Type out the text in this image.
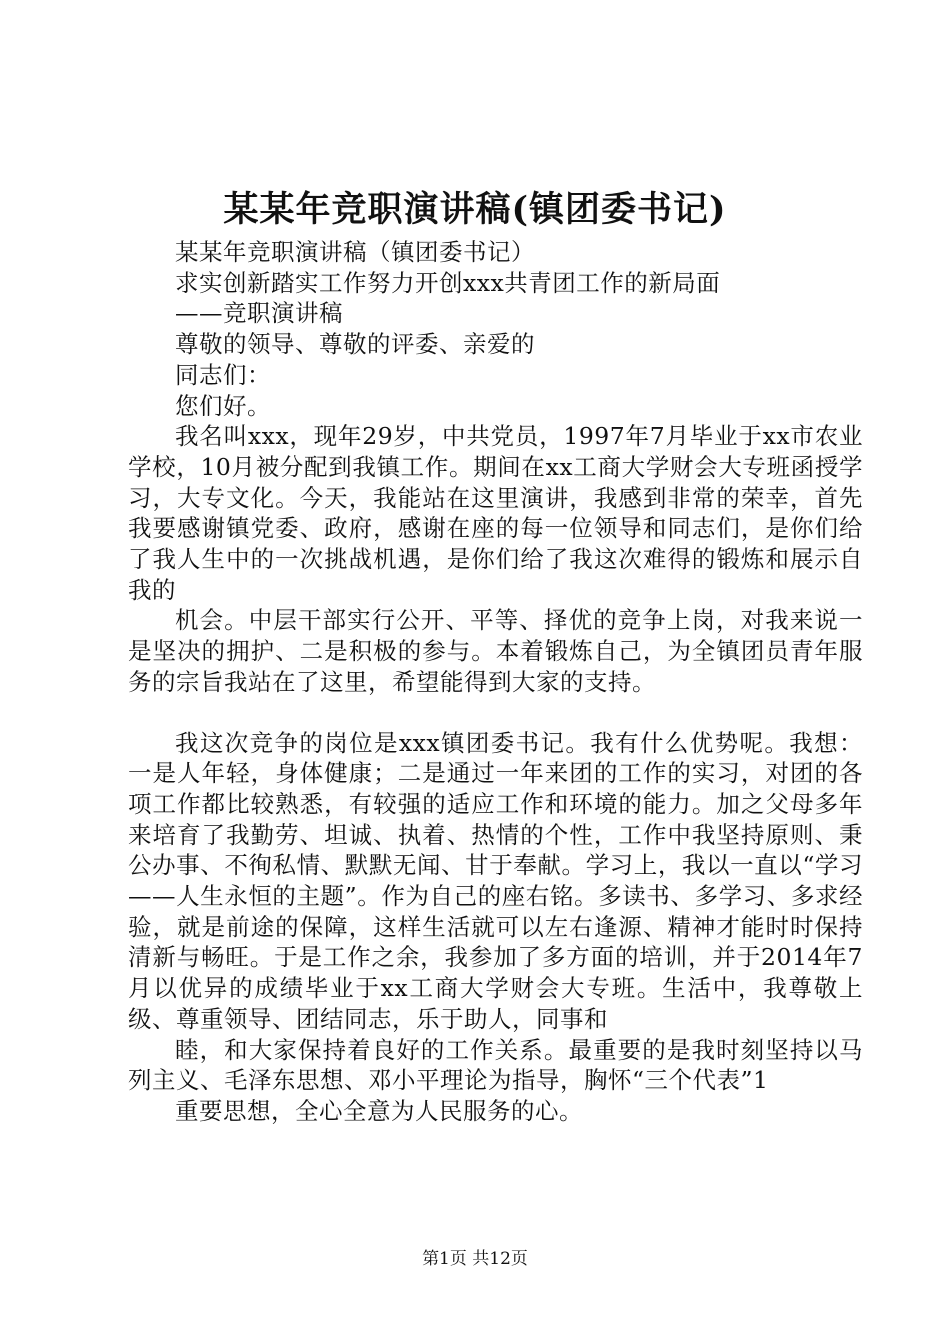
某某年竞职演讲稿(镇团委书记)

某某年竞职演讲稿（镇团委书记）

求实创新踏实工作努力开创xxx共青团工作的新局面

——竞职演讲稿

尊敬的领导、尊敬的评委、亲爱的

同志们：

您们好。

我名叫xxx，现年29岁，中共党员，1997年7月毕业于xx市农业学校，10月被分配到我镇工作。期间在xx工商大学财会大专班函授学习，大专文化。今天，我能站在这里演讲，我感到非常的荣幸，首先我要感谢镇党委、政府，感谢在座的每一位领导和同志们，是你们给了我人生中的一次挑战机遇，是你们给了我这次难得的锻炼和展示自我的

机会。中层干部实行公开、平等、择优的竞争上岗，对我来说一是坚决的拥护、二是积极的参与。本着锻炼自己，为全镇团员青年服务的宗旨我站在了这里，希望能得到大家的支持。

我这次竞争的岗位是xxx镇团委书记。我有什么优势呢。我想：一是人年轻，身体健康；二是通过一年来团的工作的实习，对团的各项工作都比较熟悉，有较强的适应工作和环境的能力。加之父母多年来培育了我勤劳、坦诚、执着、热情的个性，工作中我坚持原则、秉公办事、不徇私情、默默无闻、甘于奉献。学习上，我以一直以“学习——人生永恒的主题”。作为自己的座右铭。多读书、多学习、多求经验，就是前途的保障，这样生活就可以左右逢源、精神才能时时保持清新与畅旺。于是工作之余，我参加了多方面的培训，并于2014年7月以优异的成绩毕业于xx工商大学财会大专班。生活中，我尊敬上级、尊重领导、团结同志，乐于助人，同事和

睦，和大家保持着良好的工作关系。最重要的是我时刻坚持以马列主义、毛泽东思想、邓小平理论为指导，胸怀“三个代表”1

重要思想，全心全意为人民服务的心。

第1页 共12页
